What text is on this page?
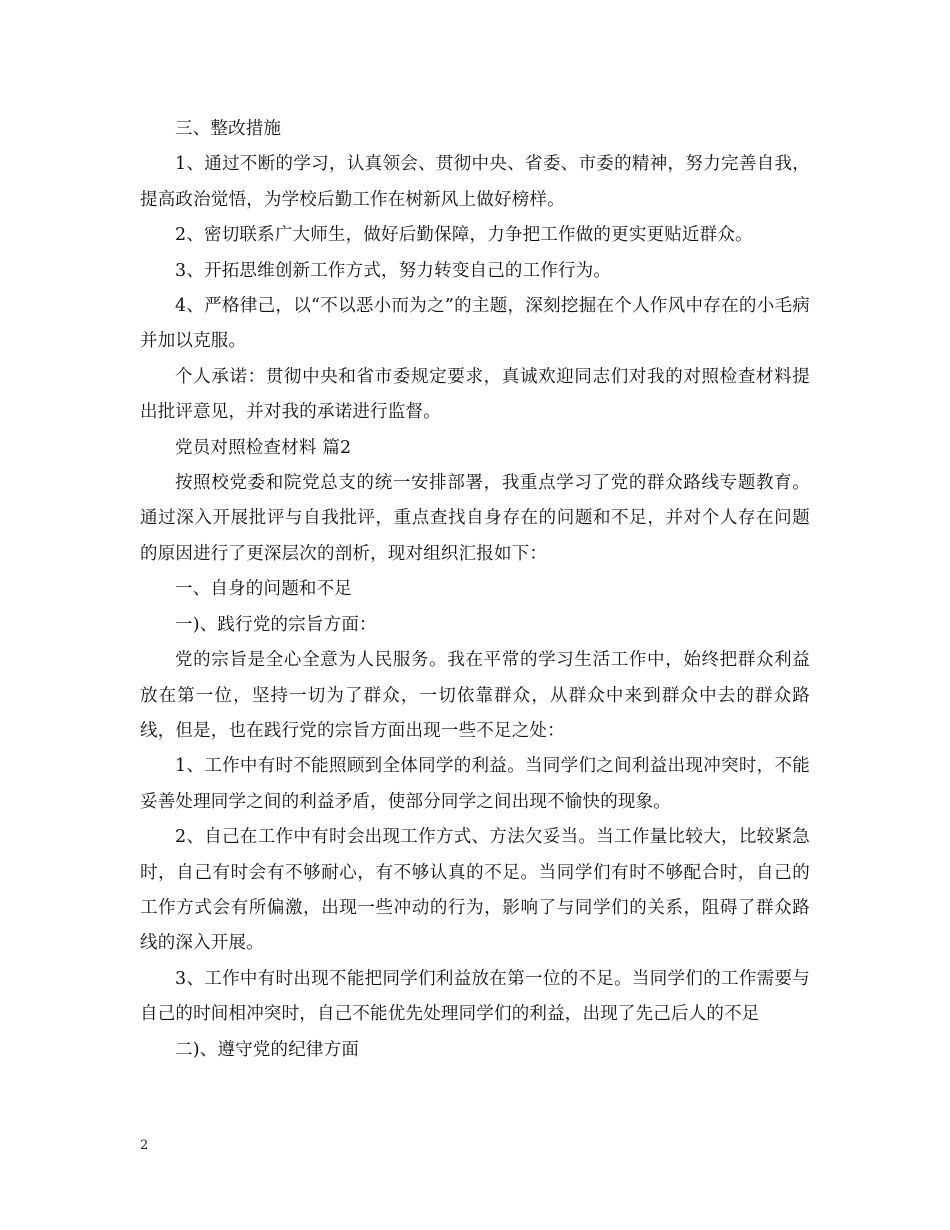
三、整改措施

1、通过不断的学习，认真领会、贯彻中央、省委、市委的精神，努力完善自我，提高政治觉悟，为学校后勤工作在树新风上做好榜样。

2、密切联系广大师生，做好后勤保障，力争把工作做的更实更贴近群众。

3、开拓思维创新工作方式，努力转变自己的工作行为。

4、严格律己，以“不以恶小而为之”的主题，深刻挖掘在个人作风中存在的小毛病并加以克服。

个人承诺：贯彻中央和省市委规定要求，真诚欢迎同志们对我的对照检查材料提出批评意见，并对我的承诺进行监督。

党员对照检查材料 篇2

按照校党委和院党总支的统一安排部署，我重点学习了党的群众路线专题教育。通过深入开展批评与自我批评，重点查找自身存在的问题和不足，并对个人存在问题的原因进行了更深层次的剖析，现对组织汇报如下：

一、自身的问题和不足

一)、践行党的宗旨方面：

党的宗旨是全心全意为人民服务。我在平常的学习生活工作中，始终把群众利益放在第一位，坚持一切为了群众，一切依靠群众，从群众中来到群众中去的群众路线，但是，也在践行党的宗旨方面出现一些不足之处：

1、工作中有时不能照顾到全体同学的利益。当同学们之间利益出现冲突时，不能妥善处理同学之间的利益矛盾，使部分同学之间出现不愉快的现象。

2、自己在工作中有时会出现工作方式、方法欠妥当。当工作量比较大，比较紧急时，自己有时会有不够耐心，有不够认真的不足。当同学们有时不够配合时，自己的工作方式会有所偏激，出现一些冲动的行为，影响了与同学们的关系，阻碍了群众路线的深入开展。

3、工作中有时出现不能把同学们利益放在第一位的不足。当同学们的工作需要与自己的时间相冲突时，自己不能优先处理同学们的利益，出现了先己后人的不足

二)、遵守党的纪律方面

2
